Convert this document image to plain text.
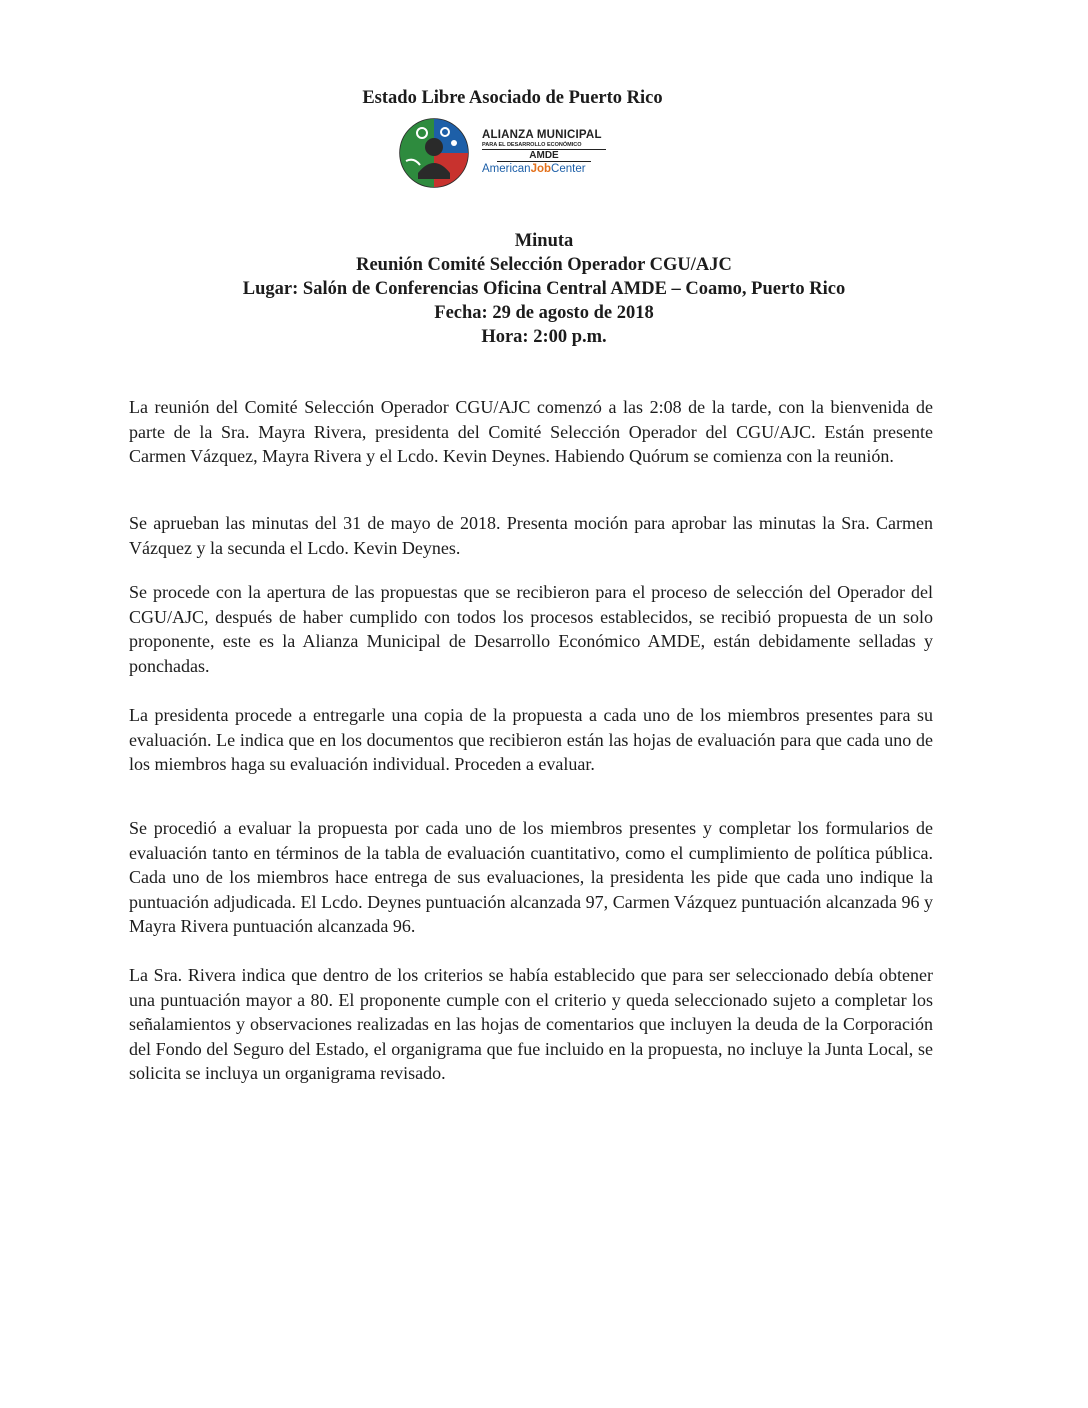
Estado Libre Asociado de Puerto Rico
ALIANZA MUNICIPAL
PARA EL DESARROLLO ECONÓMICO
AMDE
AmericanJobCenter
Minuta
Reunión Comité Selección Operador CGU/AJC
Lugar: Salón de Conferencias Oficina Central AMDE – Coamo, Puerto Rico
Fecha: 29 de agosto de 2018
Hora: 2:00 p.m.
La reunión del Comité Selección Operador CGU/AJC comenzó a las 2:08 de la tarde, con la bienvenida de parte de la Sra. Mayra Rivera, presidenta del Comité Selección Operador del CGU/AJC. Están presente Carmen Vázquez, Mayra Rivera y el Lcdo. Kevin Deynes. Habiendo Quórum se comienza con la reunión.
Se aprueban las minutas del 31 de mayo de 2018. Presenta moción para aprobar las minutas la Sra. Carmen Vázquez y la secunda el Lcdo. Kevin Deynes.
Se procede con la apertura de las propuestas que se recibieron para el proceso de selección del Operador del CGU/AJC, después de haber cumplido con todos los procesos establecidos, se recibió propuesta de un solo proponente, este es la Alianza Municipal de Desarrollo Económico AMDE, están debidamente selladas y ponchadas.
La presidenta procede a entregarle una copia de la propuesta a cada uno de los miembros presentes para su evaluación. Le indica que en los documentos que recibieron están las hojas de evaluación para que cada uno de los miembros haga su evaluación individual. Proceden a evaluar.
Se procedió a evaluar la propuesta por cada uno de los miembros presentes y completar los formularios de evaluación tanto en términos de la tabla de evaluación cuantitativo, como el cumplimiento de política pública. Cada uno de los miembros hace entrega de sus evaluaciones, la presidenta les pide que cada uno indique la puntuación adjudicada. El Lcdo. Deynes puntuación alcanzada 97, Carmen Vázquez puntuación alcanzada 96 y Mayra Rivera puntuación alcanzada 96.
La Sra. Rivera indica que dentro de los criterios se había establecido que para ser seleccionado debía obtener una puntuación mayor a 80. El proponente cumple con el criterio y queda seleccionado sujeto a completar los señalamientos y observaciones realizadas en las hojas de comentarios que incluyen la deuda de la Corporación del Fondo del Seguro del Estado, el organigrama que fue incluido en la propuesta, no incluye la Junta Local, se solicita se incluya un organigrama revisado.
